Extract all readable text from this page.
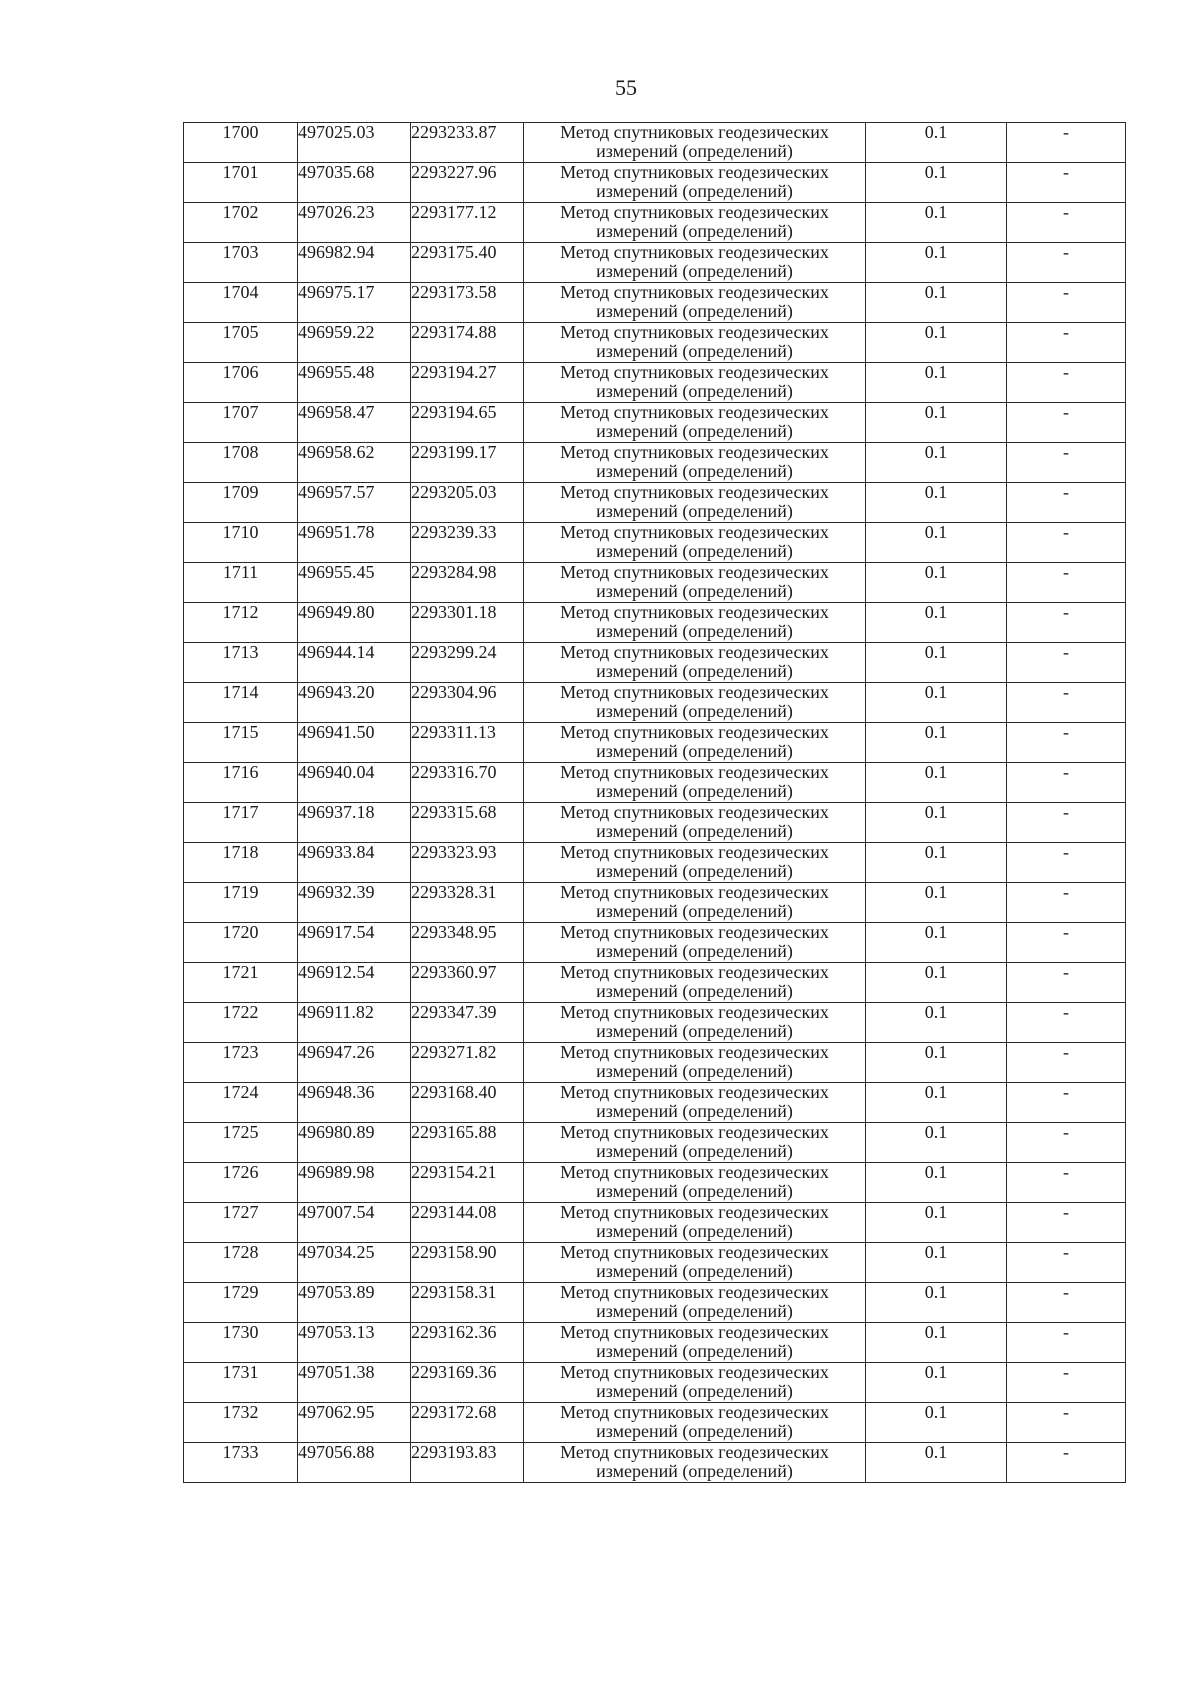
55
1700	497025.03	2293233.87	Метод спутниковых геодезических измерений (определений)	0.1	-
1701	497035.68	2293227.96	Метод спутниковых геодезических измерений (определений)	0.1	-
1702	497026.23	2293177.12	Метод спутниковых геодезических измерений (определений)	0.1	-
1703	496982.94	2293175.40	Метод спутниковых геодезических измерений (определений)	0.1	-
1704	496975.17	2293173.58	Метод спутниковых геодезических измерений (определений)	0.1	-
1705	496959.22	2293174.88	Метод спутниковых геодезических измерений (определений)	0.1	-
1706	496955.48	2293194.27	Метод спутниковых геодезических измерений (определений)	0.1	-
1707	496958.47	2293194.65	Метод спутниковых геодезических измерений (определений)	0.1	-
1708	496958.62	2293199.17	Метод спутниковых геодезических измерений (определений)	0.1	-
1709	496957.57	2293205.03	Метод спутниковых геодезических измерений (определений)	0.1	-
1710	496951.78	2293239.33	Метод спутниковых геодезических измерений (определений)	0.1	-
1711	496955.45	2293284.98	Метод спутниковых геодезических измерений (определений)	0.1	-
1712	496949.80	2293301.18	Метод спутниковых геодезических измерений (определений)	0.1	-
1713	496944.14	2293299.24	Метод спутниковых геодезических измерений (определений)	0.1	-
1714	496943.20	2293304.96	Метод спутниковых геодезических измерений (определений)	0.1	-
1715	496941.50	2293311.13	Метод спутниковых геодезических измерений (определений)	0.1	-
1716	496940.04	2293316.70	Метод спутниковых геодезических измерений (определений)	0.1	-
1717	496937.18	2293315.68	Метод спутниковых геодезических измерений (определений)	0.1	-
1718	496933.84	2293323.93	Метод спутниковых геодезических измерений (определений)	0.1	-
1719	496932.39	2293328.31	Метод спутниковых геодезических измерений (определений)	0.1	-
1720	496917.54	2293348.95	Метод спутниковых геодезических измерений (определений)	0.1	-
1721	496912.54	2293360.97	Метод спутниковых геодезических измерений (определений)	0.1	-
1722	496911.82	2293347.39	Метод спутниковых геодезических измерений (определений)	0.1	-
1723	496947.26	2293271.82	Метод спутниковых геодезических измерений (определений)	0.1	-
1724	496948.36	2293168.40	Метод спутниковых геодезических измерений (определений)	0.1	-
1725	496980.89	2293165.88	Метод спутниковых геодезических измерений (определений)	0.1	-
1726	496989.98	2293154.21	Метод спутниковых геодезических измерений (определений)	0.1	-
1727	497007.54	2293144.08	Метод спутниковых геодезических измерений (определений)	0.1	-
1728	497034.25	2293158.90	Метод спутниковых геодезических измерений (определений)	0.1	-
1729	497053.89	2293158.31	Метод спутниковых геодезических измерений (определений)	0.1	-
1730	497053.13	2293162.36	Метод спутниковых геодезических измерений (определений)	0.1	-
1731	497051.38	2293169.36	Метод спутниковых геодезических измерений (определений)	0.1	-
1732	497062.95	2293172.68	Метод спутниковых геодезических измерений (определений)	0.1	-
1733	497056.88	2293193.83	Метод спутниковых геодезических измерений (определений)	0.1	-
